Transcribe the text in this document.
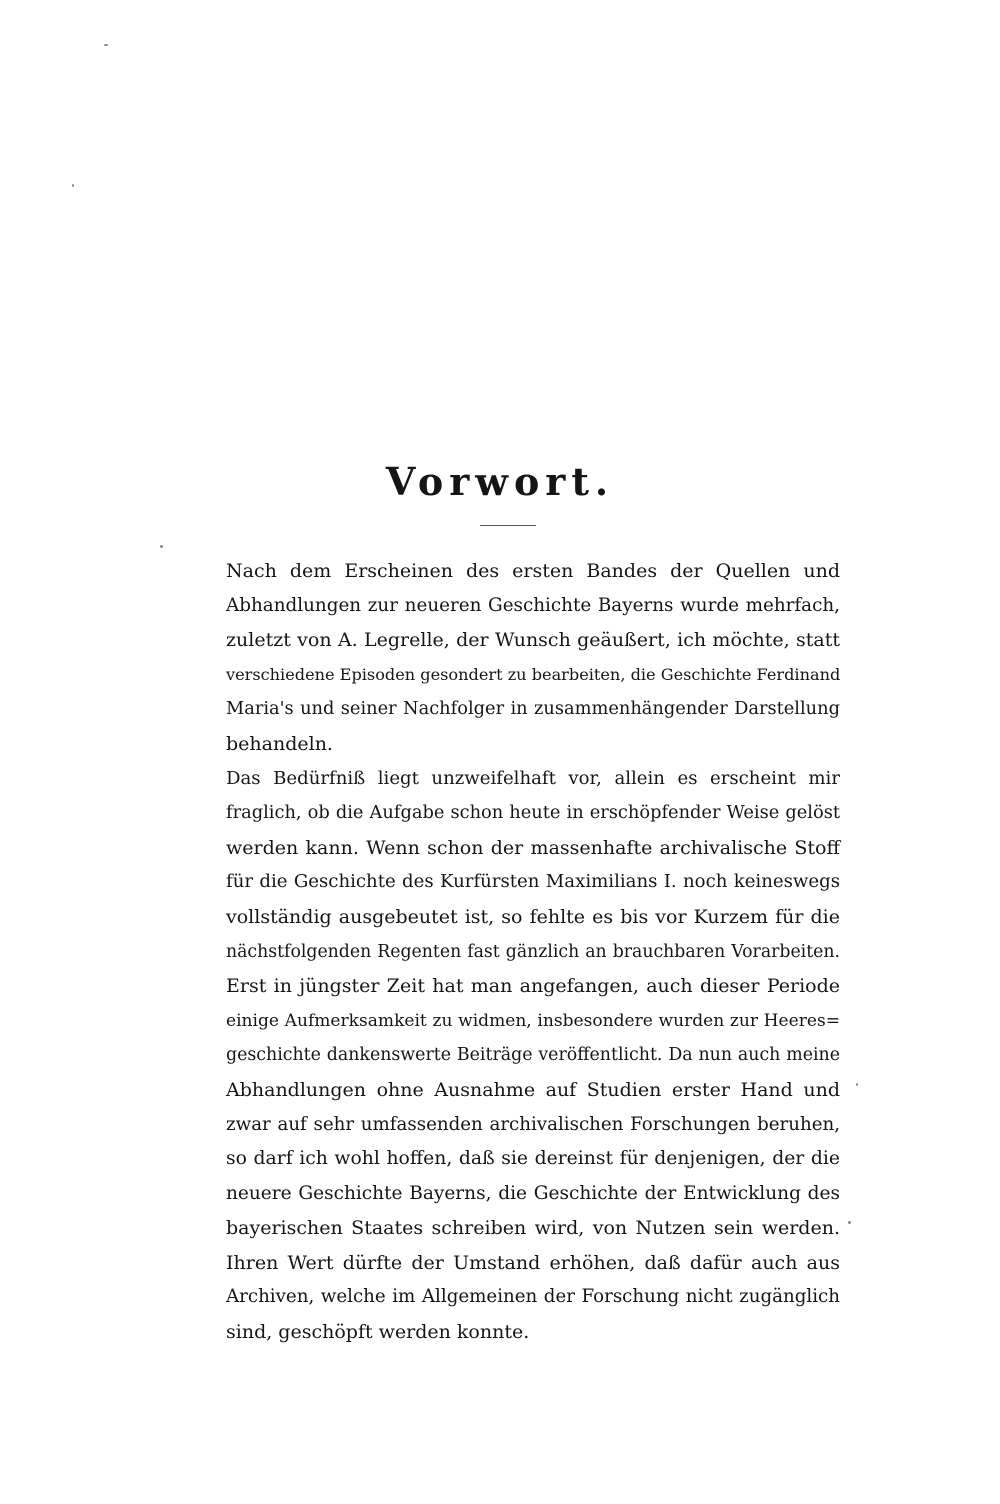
Vorwort.

Nach dem Erscheinen des ersten Bandes der Quellen und
Abhandlungen zur neueren Geschichte Bayerns wurde mehrfach,
zuletzt von A. Legrelle, der Wunsch geäußert, ich möchte, statt
verschiedene Episoden gesondert zu bearbeiten, die Geschichte Ferdinand
Maria's und seiner Nachfolger in zusammenhängender Darstellung
behandeln.

Das Bedürfniß liegt unzweifelhaft vor, allein es erscheint mir
fraglich, ob die Aufgabe schon heute in erschöpfender Weise gelöst
werden kann. Wenn schon der massenhafte archivalische Stoff
für die Geschichte des Kurfürsten Maximilians I. noch keineswegs
vollständig ausgebeutet ist, so fehlte es bis vor Kurzem für die
nächstfolgenden Regenten fast gänzlich an brauchbaren Vorarbeiten.
Erst in jüngster Zeit hat man angefangen, auch dieser Periode
einige Aufmerksamkeit zu widmen, insbesondere wurden zur Heeres=
geschichte dankenswerte Beiträge veröffentlicht. Da nun auch meine
Abhandlungen ohne Ausnahme auf Studien erster Hand und
zwar auf sehr umfassenden archivalischen Forschungen beruhen,
so darf ich wohl hoffen, daß sie dereinst für denjenigen, der die
neuere Geschichte Bayerns, die Geschichte der Entwicklung des
bayerischen Staates schreiben wird, von Nutzen sein werden.
Ihren Wert dürfte der Umstand erhöhen, daß dafür auch aus
Archiven, welche im Allgemeinen der Forschung nicht zugänglich
sind, geschöpft werden konnte.
